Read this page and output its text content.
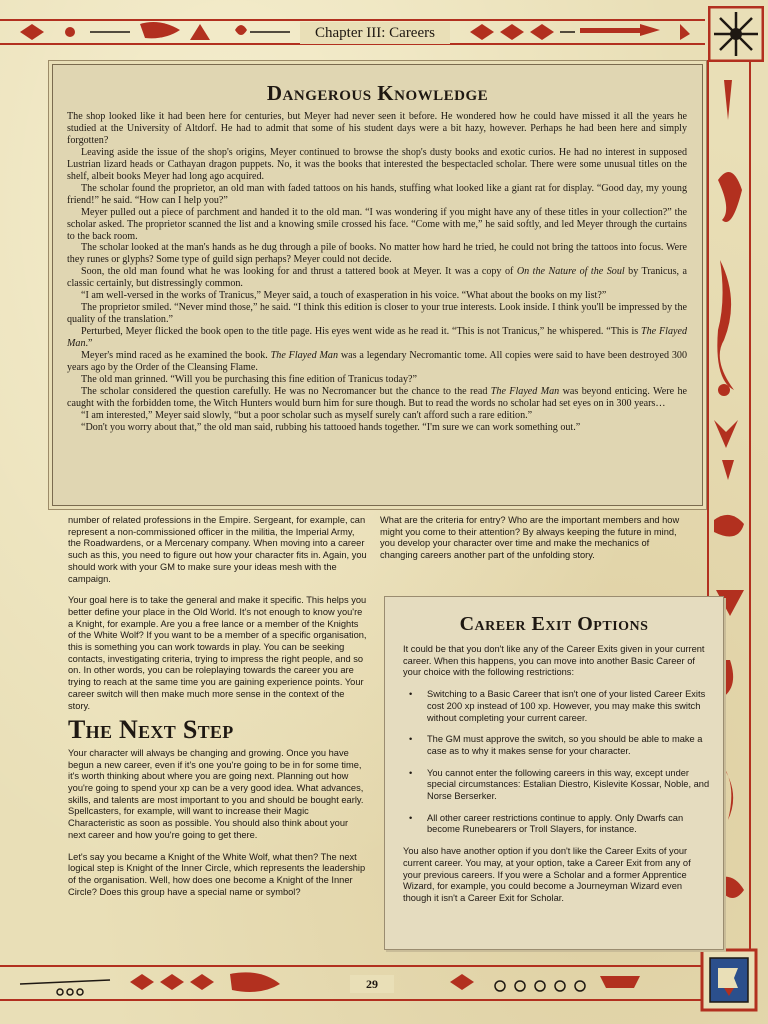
Chapter III: Careers
29
Dangerous Knowledge

The shop looked like it had been here for centuries, but Meyer had never seen it before. He wondered how he could have missed it all the years he studied at the University of Altdorf. He had to admit that some of his student days were a bit hazy, however. Perhaps he had been here and simply forgotten?

Leaving aside the issue of the shop's origins, Meyer continued to browse the shop's dusty books and exotic curios. He had no interest in supposed Lustrian lizard heads or Cathayan dragon puppets. No, it was the books that interested the bespectacled scholar. There were some unusual titles on the shelf, albeit books Meyer had long ago acquired.

The scholar found the proprietor, an old man with faded tattoos on his hands, stuffing what looked like a giant rat for display. “Good day, my young friend!” he said. “How can I help you?”

Meyer pulled out a piece of parchment and handed it to the old man. “I was wondering if you might have any of these titles in your collection?” the scholar asked. The proprietor scanned the list and a knowing smile crossed his face. “Come with me,” he said softly, and led Meyer through the curtains to the back room.

The scholar looked at the man's hands as he dug through a pile of books. No matter how hard he tried, he could not bring the tattoos into focus. Were they runes or glyphs? Some type of guild sign perhaps? Meyer could not decide.

Soon, the old man found what he was looking for and thrust a tattered book at Meyer. It was a copy of On the Nature of the Soul by Tranicus, a classic certainly, but distressingly common.

“I am well-versed in the works of Tranicus,” Meyer said, a touch of exasperation in his voice. “What about the books on my list?”

The proprietor smiled. “Never mind those,” he said. “I think this edition is closer to your true interests. Look inside. I think you'll be impressed by the quality of the translation.”

Perturbed, Meyer flicked the book open to the title page. His eyes went wide as he read it. “This is not Tranicus,” he whispered. “This is The Flayed Man.”

Meyer's mind raced as he examined the book. The Flayed Man was a legendary Necromantic tome. All copies were said to have been destroyed 300 years ago by the Order of the Cleansing Flame.

The old man grinned. “Will you be purchasing this fine edition of Tranicus today?”

The scholar considered the question carefully. He was no Necromancer but the chance to the read The Flayed Man was beyond enticing. Were he caught with the forbidden tome, the Witch Hunters would burn him for sure though. But to read the words no scholar had set eyes on in 300 years…

“I am interested,” Meyer said slowly, “but a poor scholar such as myself surely can't afford such a rare edition.”

“Don't you worry about that,” the old man said, rubbing his tattooed hands together. “I'm sure we can work something out.”

number of related professions in the Empire. Sergeant, for example, can represent a non-commissioned officer in the militia, the Imperial Army, the Roadwardens, or a Mercenary company. When moving into a career such as this, you need to figure out how your character fits in. Again, you should work with your GM to make sure your ideas mesh with the campaign.

Your goal here is to take the general and make it specific. This helps you better define your place in the Old World. It's not enough to know you're a Knight, for example. Are you a free lance or a member of the Knights of the White Wolf? If you want to be a member of a specific organisation, this is something you can work towards in play. You can be seeking contacts, investigating criteria, trying to impress the right people, and so on. In other words, you can be roleplaying towards the career you are trying to reach at the same time you are gaining experience points. Your career switch will then make much more sense in the context of the story.

The Next Step

Your character will always be changing and growing. Once you have begun a new career, even if it's one you're going to be in for some time, it's worth thinking about where you are going next. Planning out how you're going to spend your xp can be a very good idea. What advances, skills, and talents are most important to you and should be bought early. Spellcasters, for example, will want to increase their Magic Characteristic as soon as possible. You should also think about your next career and how you're going to get there.

Let's say you became a Knight of the White Wolf, what then? The next logical step is Knight of the Inner Circle, which represents the leadership of the organisation. Well, how does one become a Knight of the Inner Circle? Does this group have a special name or symbol?

What are the criteria for entry? Who are the important members and how might you come to their attention? By always keeping the future in mind, you develop your character over time and make the mechanics of changing careers another part of the unfolding story.

Career Exit Options

It could be that you don't like any of the Career Exits given in your current career. When this happens, you can move into another Basic Career of your choice with the following restrictions:

• Switching to a Basic Career that isn't one of your listed Career Exits cost 200 xp instead of 100 xp. However, you may make this switch without completing your current career.
• The GM must approve the switch, so you should be able to make a case as to why it makes sense for your character.
• You cannot enter the following careers in this way, except under special circumstances: Estalian Diestro, Kislevite Kossar, Noble, and Norse Berserker.
• All other career restrictions continue to apply. Only Dwarfs can become Runebearers or Troll Slayers, for instance.

You also have another option if you don't like the Career Exits of your current career. You may, at your option, take a Career Exit from any of your previous careers. If you were a Scholar and a former Apprentice Wizard, for example, you could become a Journeyman Wizard even though it isn't a Career Exit for Scholar.
